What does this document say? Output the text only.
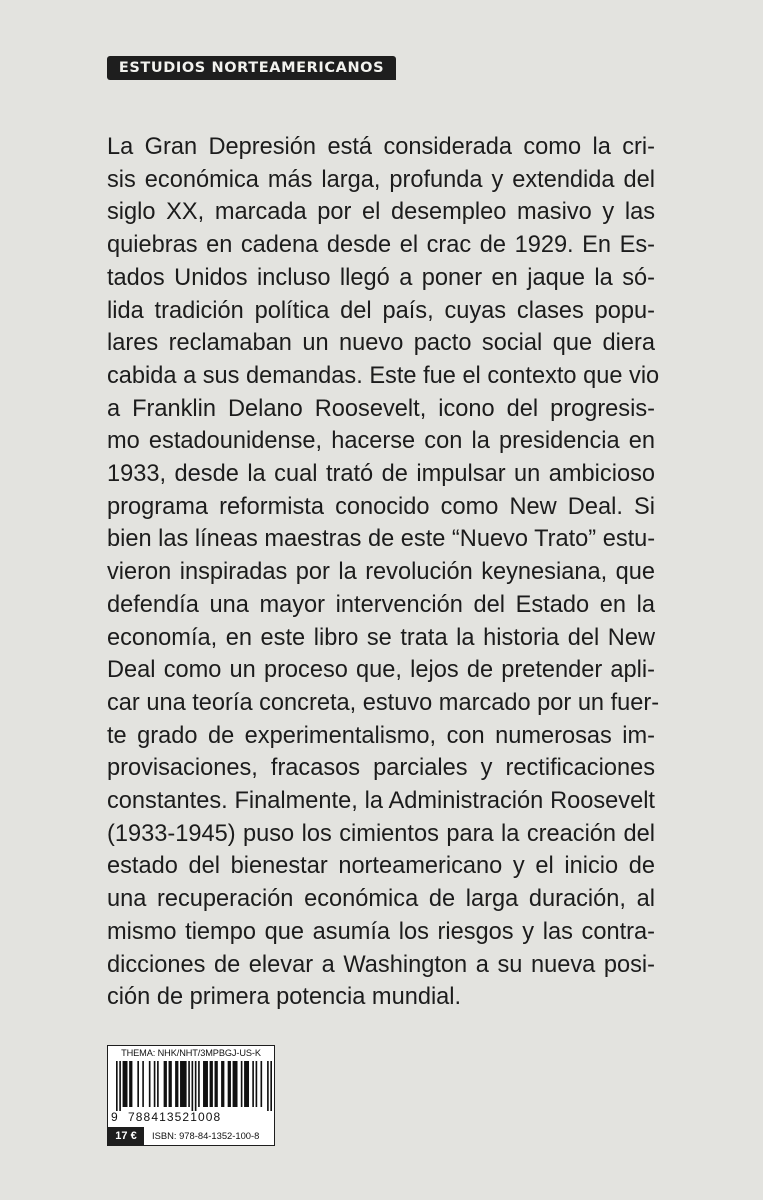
ESTUDIOS NORTEAMERICANOS
La Gran Depresión está considerada como la cri-
sis económica más larga, profunda y extendida del
siglo XX, marcada por el desempleo masivo y las
quiebras en cadena desde el crac de 1929. En Es-
tados Unidos incluso llegó a poner en jaque la só-
lida tradición política del país, cuyas clases popu-
lares reclamaban un nuevo pacto social que diera
cabida a sus demandas. Este fue el contexto que vio
a Franklin Delano Roosevelt, icono del progresis-
mo estadounidense, hacerse con la presidencia en
1933, desde la cual trató de impulsar un ambicioso
programa reformista conocido como New Deal. Si
bien las líneas maestras de este “Nuevo Trato” estu-
vieron inspiradas por la revolución keynesiana, que
defendía una mayor intervención del Estado en la
economía, en este libro se trata la historia del New
Deal como un proceso que, lejos de pretender apli-
car una teoría concreta, estuvo marcado por un fuer-
te grado de experimentalismo, con numerosas im-
provisaciones, fracasos parciales y rectificaciones
constantes. Finalmente, la Administración Roosevelt
(1933-1945) puso los cimientos para la creación del
estado del bienestar norteamericano y el inicio de
una recuperación económica de larga duración, al
mismo tiempo que asumía los riesgos y las contra-
dicciones de elevar a Washington a su nueva posi-
ción de primera potencia mundial.
THEMA: NHK/NHT/3MPBGJ-US-K
9 788413521008
17 €	ISBN: 978-84-1352-100-8
